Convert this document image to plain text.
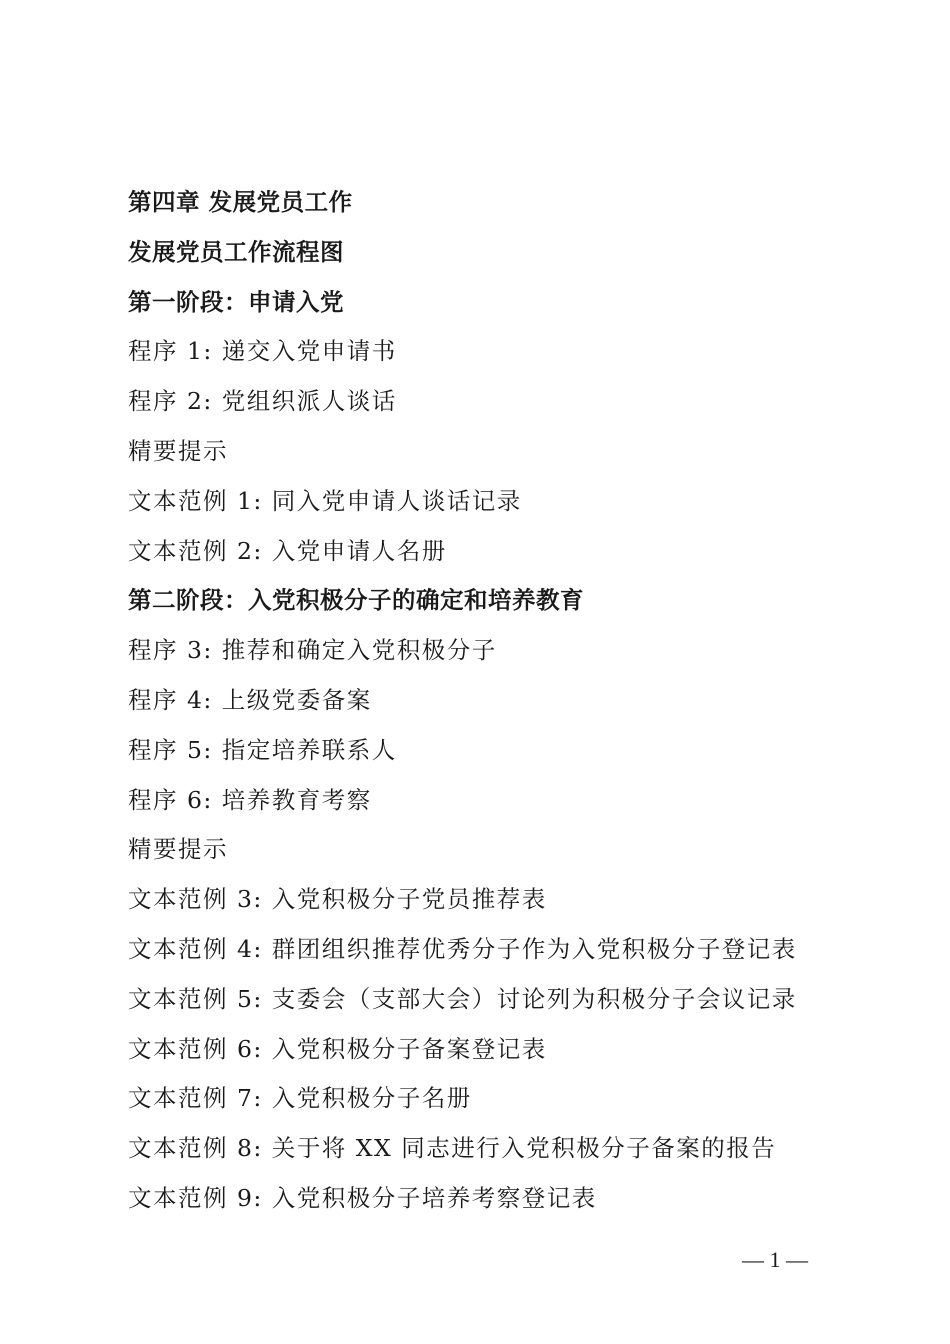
第四章 发展党员工作
发展党员工作流程图
第一阶段：申请入党
程序 1: 递交入党申请书
程序 2: 党组织派人谈话
精要提示
文本范例 1: 同入党申请人谈话记录
文本范例 2: 入党申请人名册
第二阶段：入党积极分子的确定和培养教育
程序 3: 推荐和确定入党积极分子
程序 4: 上级党委备案
程序 5: 指定培养联系人
程序 6: 培养教育考察
精要提示
文本范例 3: 入党积极分子党员推荐表
文本范例 4: 群团组织推荐优秀分子作为入党积极分子登记表
文本范例 5: 支委会（支部大会）讨论列为积极分子会议记录
文本范例 6: 入党积极分子备案登记表
文本范例 7: 入党积极分子名册
文本范例 8: 关于将 XX 同志进行入党积极分子备案的报告
文本范例 9: 入党积极分子培养考察登记表
— 1 —
